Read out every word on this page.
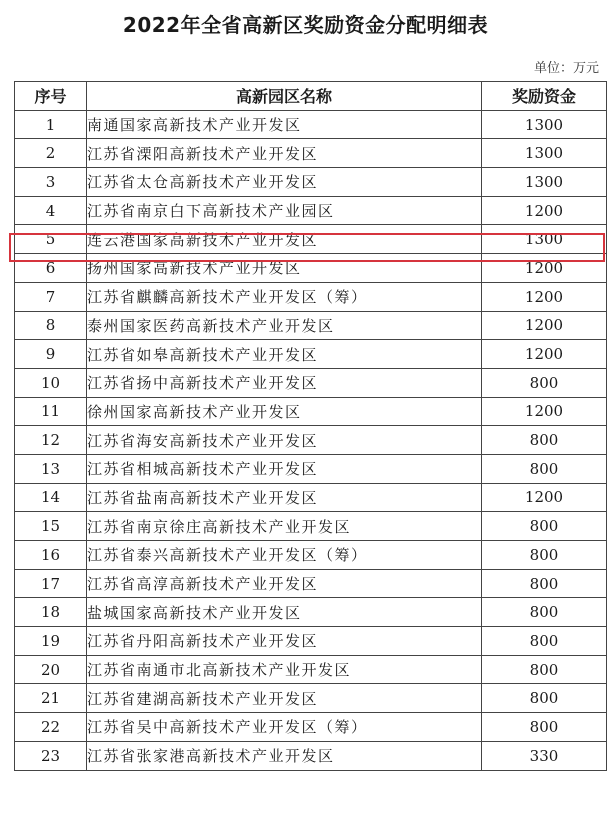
2022年全省高新区奖励资金分配明细表
单位：万元
序号	高新园区名称	奖励资金
1	南通国家高新技术产业开发区	1300
2	江苏省溧阳高新技术产业开发区	1300
3	江苏省太仓高新技术产业开发区	1300
4	江苏省南京白下高新技术产业园区	1200
5	连云港国家高新技术产业开发区	1300
6	扬州国家高新技术产业开发区	1200
7	江苏省麒麟高新技术产业开发区（筹）	1200
8	泰州国家医药高新技术产业开发区	1200
9	江苏省如皋高新技术产业开发区	1200
10	江苏省扬中高新技术产业开发区	800
11	徐州国家高新技术产业开发区	1200
12	江苏省海安高新技术产业开发区	800
13	江苏省相城高新技术产业开发区	800
14	江苏省盐南高新技术产业开发区	1200
15	江苏省南京徐庄高新技术产业开发区	800
16	江苏省泰兴高新技术产业开发区（筹）	800
17	江苏省高淳高新技术产业开发区	800
18	盐城国家高新技术产业开发区	800
19	江苏省丹阳高新技术产业开发区	800
20	江苏省南通市北高新技术产业开发区	800
21	江苏省建湖高新技术产业开发区	800
22	江苏省吴中高新技术产业开发区（筹）	800
23	江苏省张家港高新技术产业开发区	330
